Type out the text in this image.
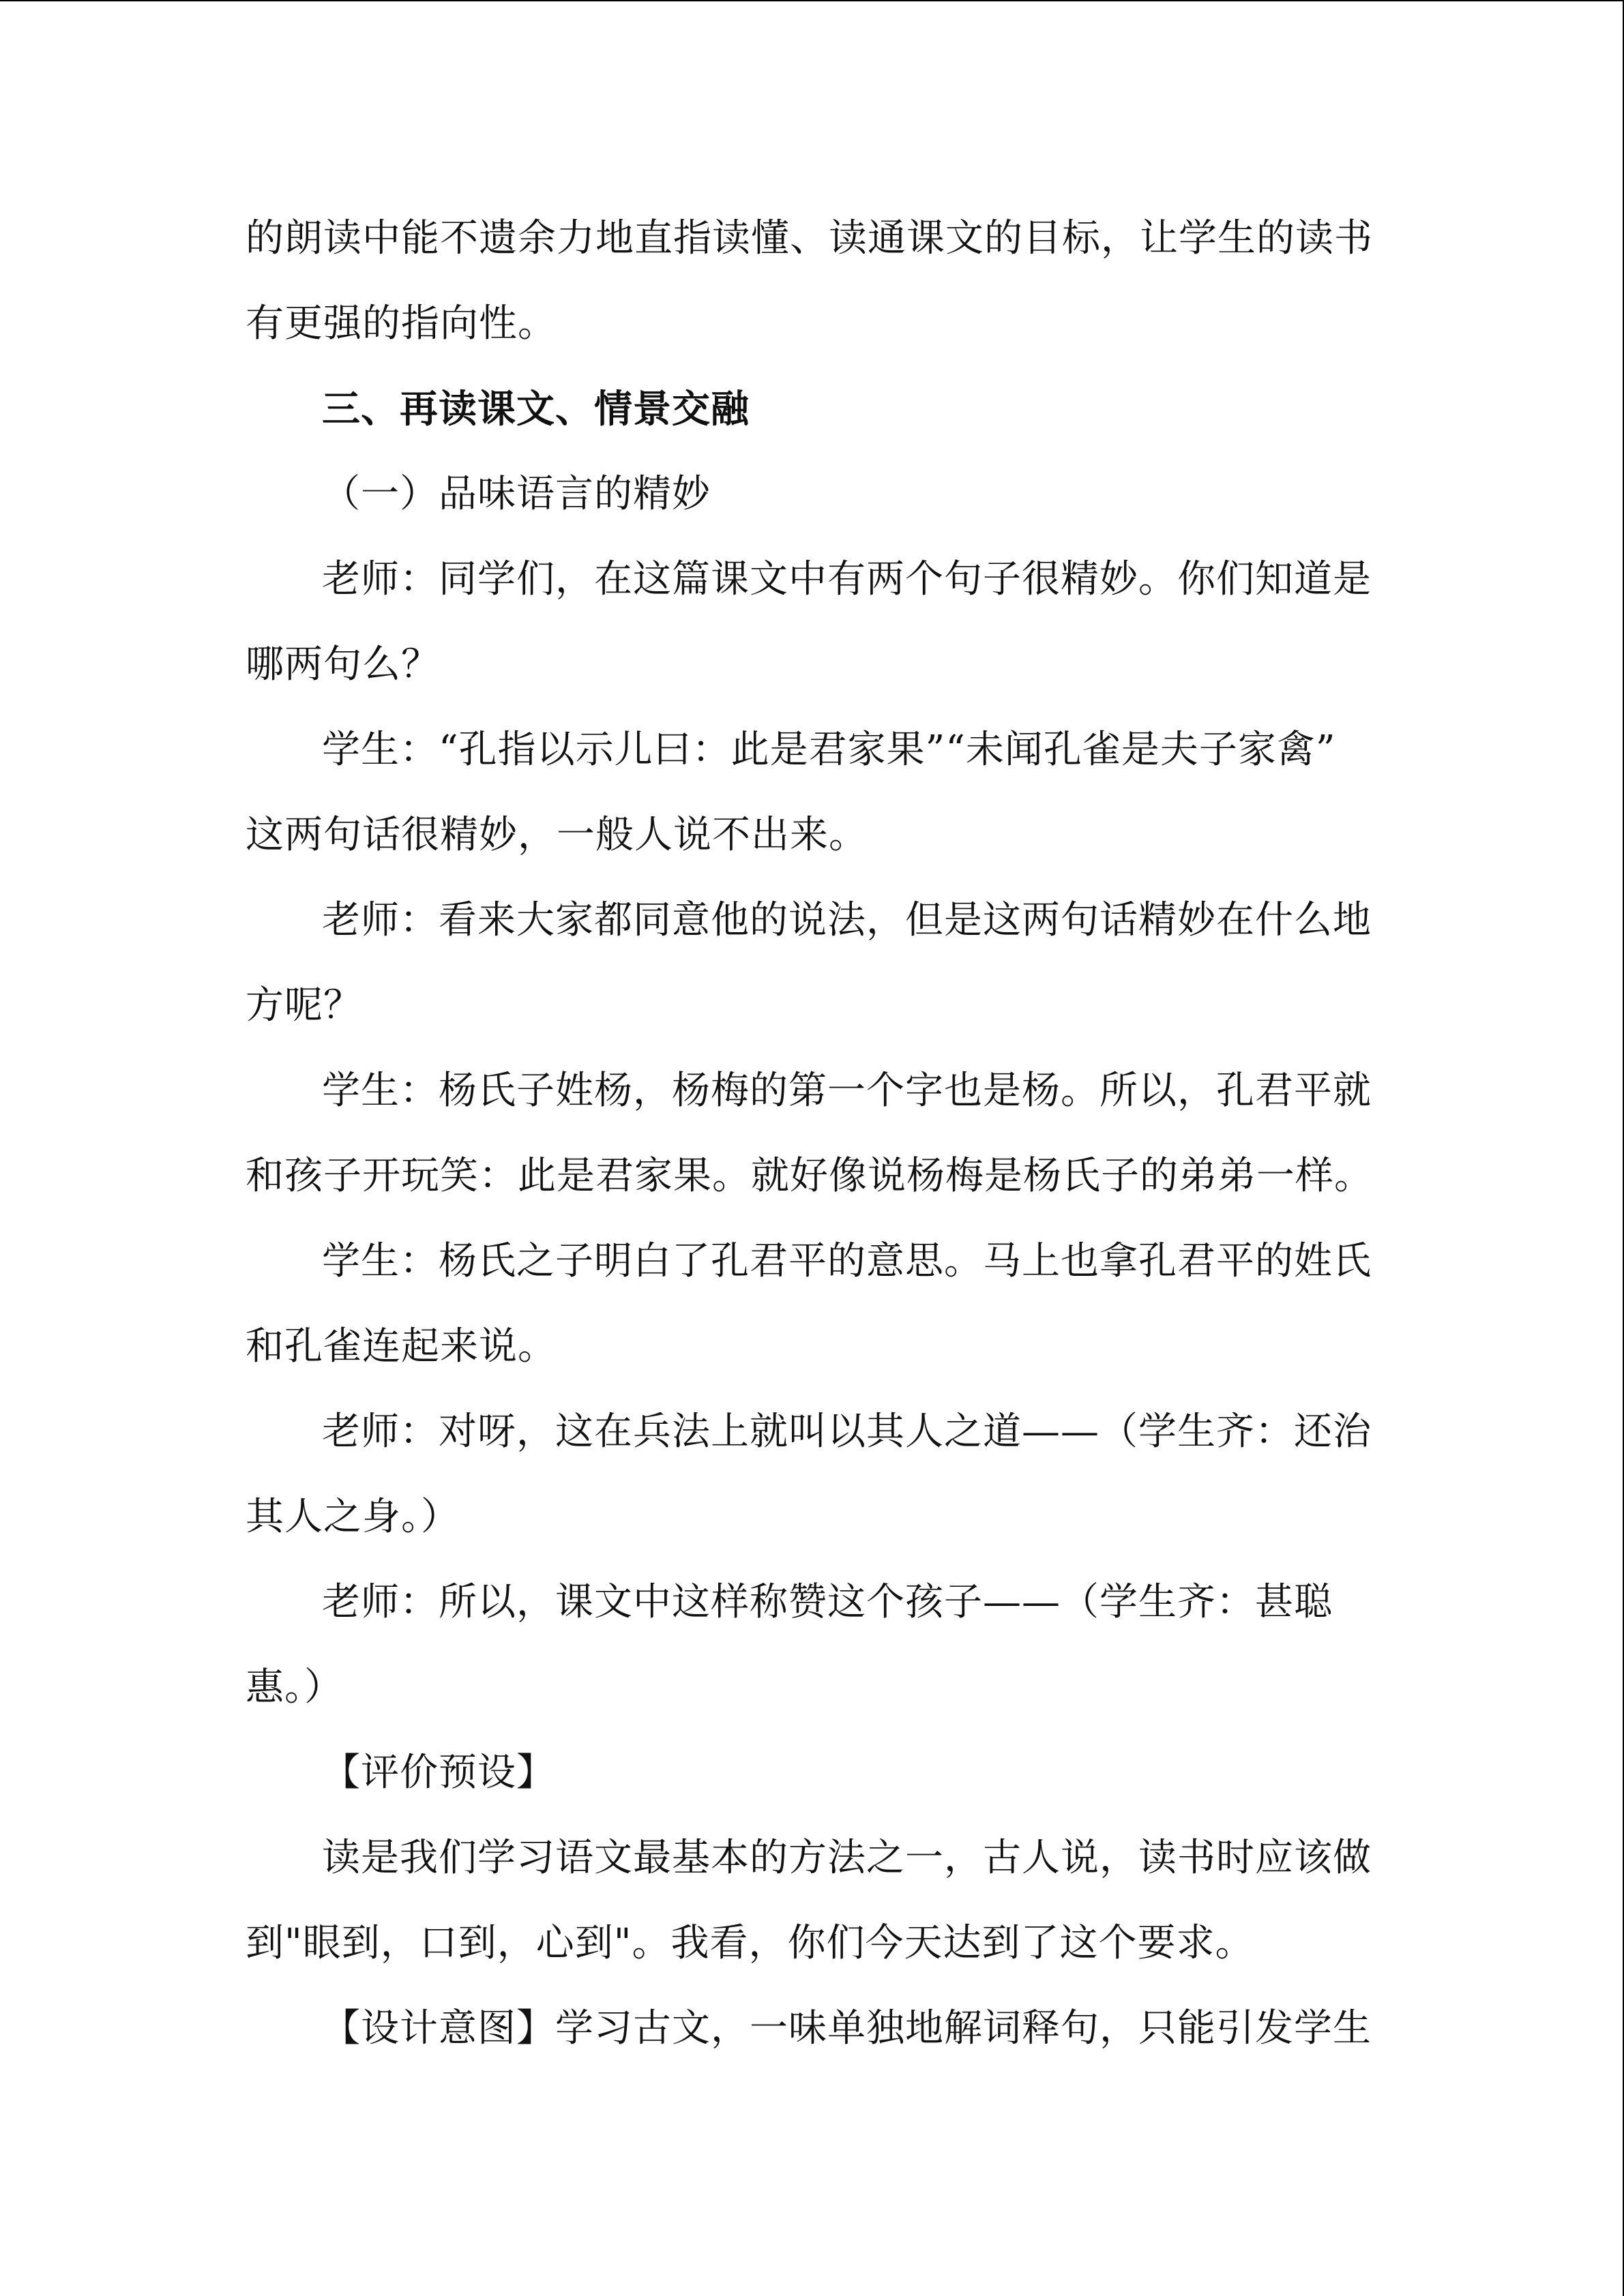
的朗读中能不遗余力地直指读懂、读通课文的目标，让学生的读书
有更强的指向性。
三、再读课文、情景交融
（一）品味语言的精妙
老师：同学们，在这篇课文中有两个句子很精妙。你们知道是
哪两句么？
学生：“孔指以示儿曰：此是君家果”“未闻孔雀是夫子家禽”
这两句话很精妙，一般人说不出来。
老师：看来大家都同意他的说法，但是这两句话精妙在什么地
方呢？
学生：杨氏子姓杨，杨梅的第一个字也是杨。所以，孔君平就
和孩子开玩笑：此是君家果。就好像说杨梅是杨氏子的弟弟一样。
学生：杨氏之子明白了孔君平的意思。马上也拿孔君平的姓氏
和孔雀连起来说。
老师：对呀，这在兵法上就叫以其人之道——（学生齐：还治
其人之身。）
老师：所以，课文中这样称赞这个孩子——（学生齐：甚聪
惠。）
【评价预设】
读是我们学习语文最基本的方法之一，古人说，读书时应该做
到"眼到，口到，心到"。我看，你们今天达到了这个要求。
【设计意图】学习古文，一味单独地解词释句，只能引发学生
